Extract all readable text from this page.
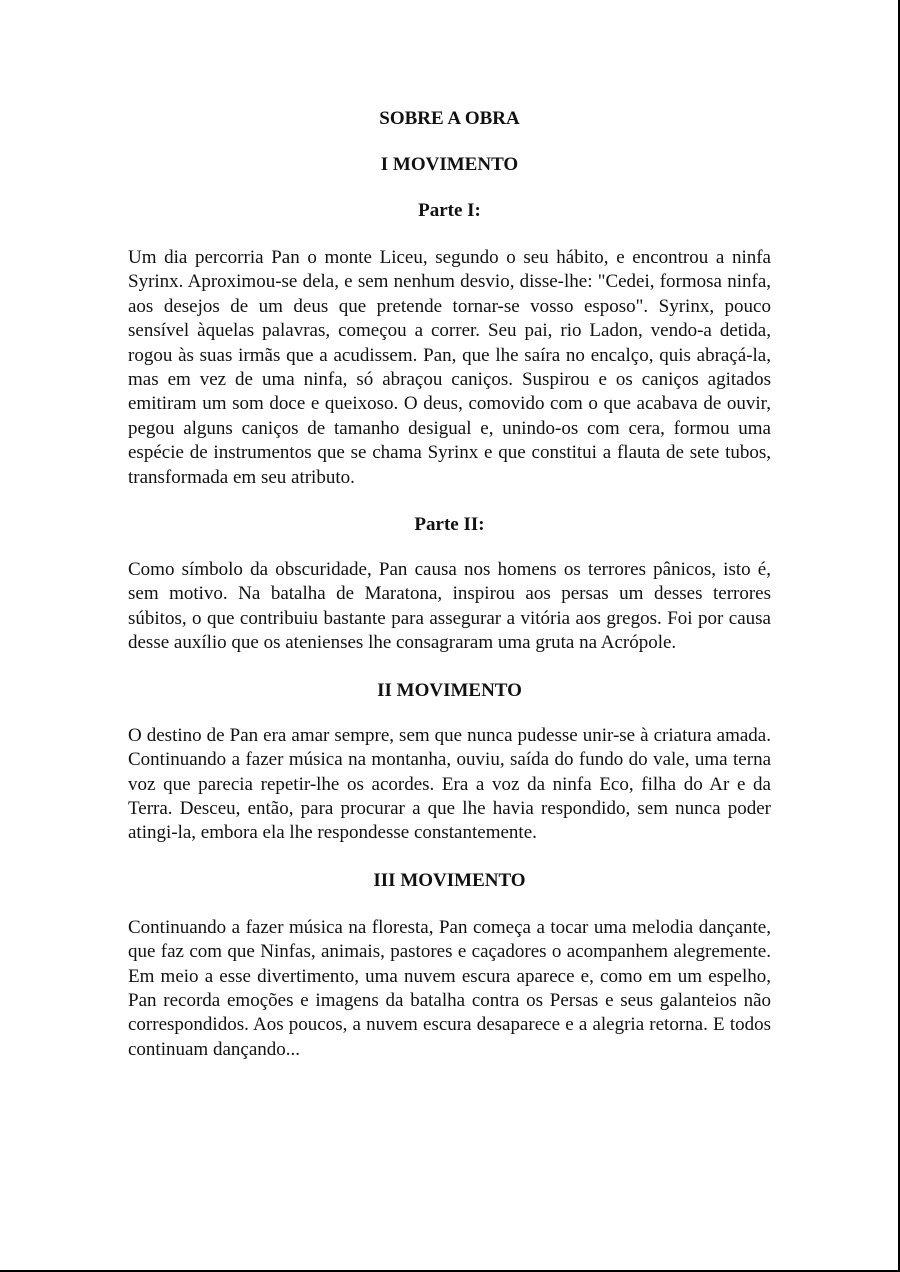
SOBRE A OBRA
I MOVIMENTO
Parte I:

Um dia percorria Pan o monte Liceu, segundo o seu hábito, e encontrou a ninfa Syrinx. Aproximou-se dela, e sem nenhum desvio, disse-lhe: "Cedei, formosa ninfa, aos desejos de um deus que pretende tornar-se vosso esposo". Syrinx, pouco sensível àquelas palavras, começou a correr. Seu pai, rio Ladon, vendo-a detida, rogou às suas irmãs que a acudissem. Pan, que lhe saíra no encalço, quis abraçá-la, mas em vez de uma ninfa, só abraçou caniços. Suspirou e os caniços agitados emitiram um som doce e queixoso. O deus, comovido com o que acabava de ouvir, pegou alguns caniços de tamanho desigual e, unindo-os com cera, formou uma espécie de instrumentos que se chama Syrinx e que constitui a flauta de sete tubos, transformada em seu atributo.

Parte II:

Como símbolo da obscuridade, Pan causa nos homens os terrores pânicos, isto é, sem motivo. Na batalha de Maratona, inspirou aos persas um desses terrores súbitos, o que contribuiu bastante para assegurar a vitória aos gregos. Foi por causa desse auxílio que os atenienses lhe consagraram uma gruta na Acrópole.

II MOVIMENTO

O destino de Pan era amar sempre, sem que nunca pudesse unir-se à criatura amada. Continuando a fazer música na montanha, ouviu, saída do fundo do vale, uma terna voz que parecia repetir-lhe os acordes. Era a voz da ninfa Eco, filha do Ar e da Terra. Desceu, então, para procurar a que lhe havia respondido, sem nunca poder atingi-la, embora ela lhe respondesse constantemente.

III MOVIMENTO

Continuando a fazer música na floresta, Pan começa a tocar uma melodia dançante, que faz com que Ninfas, animais, pastores e caçadores o acompanhem alegremente. Em meio a esse divertimento, uma nuvem escura aparece e, como em um espelho, Pan recorda emoções e imagens da batalha contra os Persas e seus galanteios não correspondidos. Aos poucos, a nuvem escura desaparece e a alegria retorna. E todos continuam dançando...
